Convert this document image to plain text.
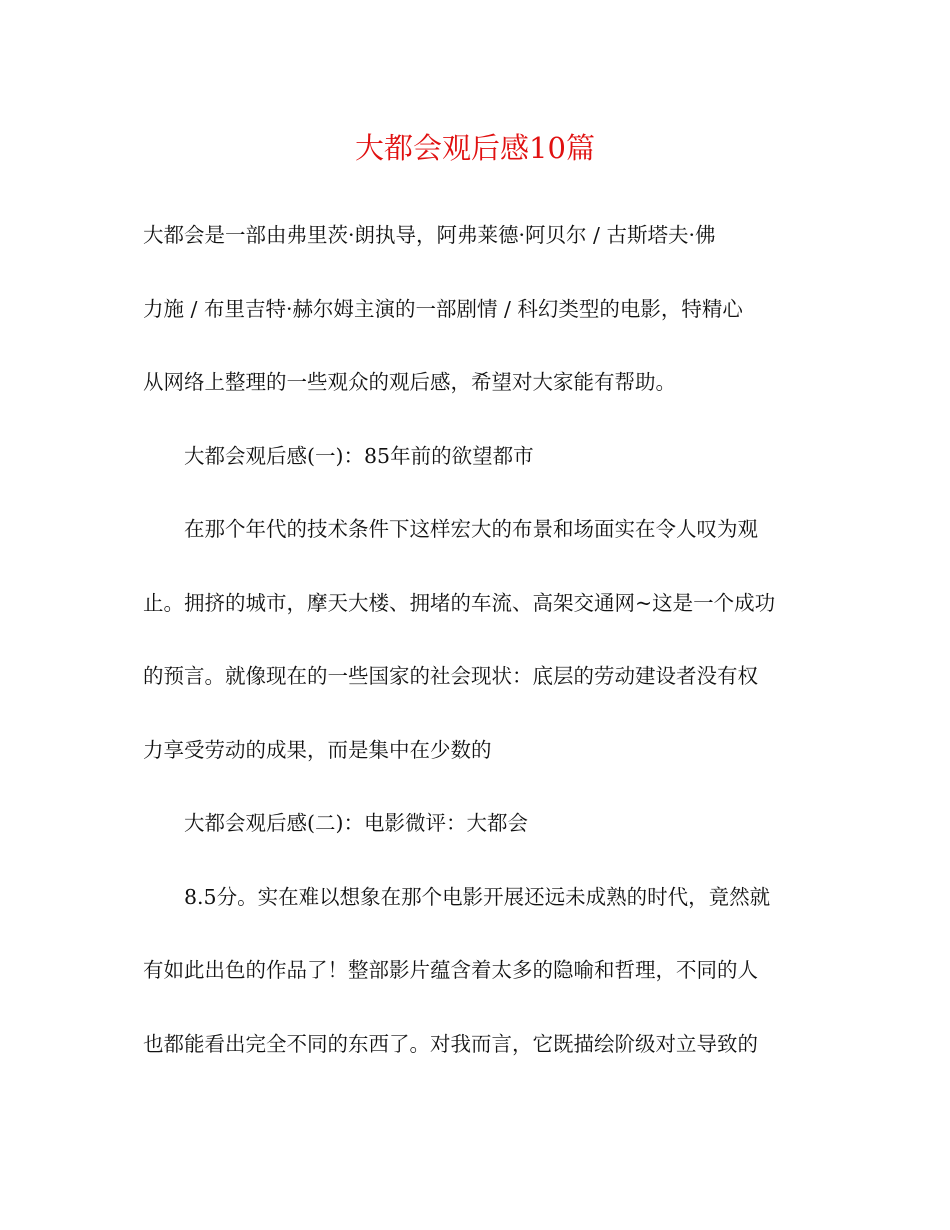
大都会观后感10篇
大都会是一部由弗里茨·朗执导，阿弗莱德·阿贝尔 / 古斯塔夫·佛
力施 / 布里吉特·赫尔姆主演的一部剧情 / 科幻类型的电影，特精心
从网络上整理的一些观众的观后感，希望对大家能有帮助。
大都会观后感(一)：85年前的欲望都市
在那个年代的技术条件下这样宏大的布景和场面实在令人叹为观
止。拥挤的城市，摩天大楼、拥堵的车流、高架交通网~这是一个成功
的预言。就像现在的一些国家的社会现状：底层的劳动建设者没有权
力享受劳动的成果，而是集中在少数的
大都会观后感(二)：电影微评：大都会
8.5分。实在难以想象在那个电影开展还远未成熟的时代，竟然就
有如此出色的作品了！整部影片蕴含着太多的隐喻和哲理，不同的人
也都能看出完全不同的东西了。对我而言，它既描绘阶级对立导致的
